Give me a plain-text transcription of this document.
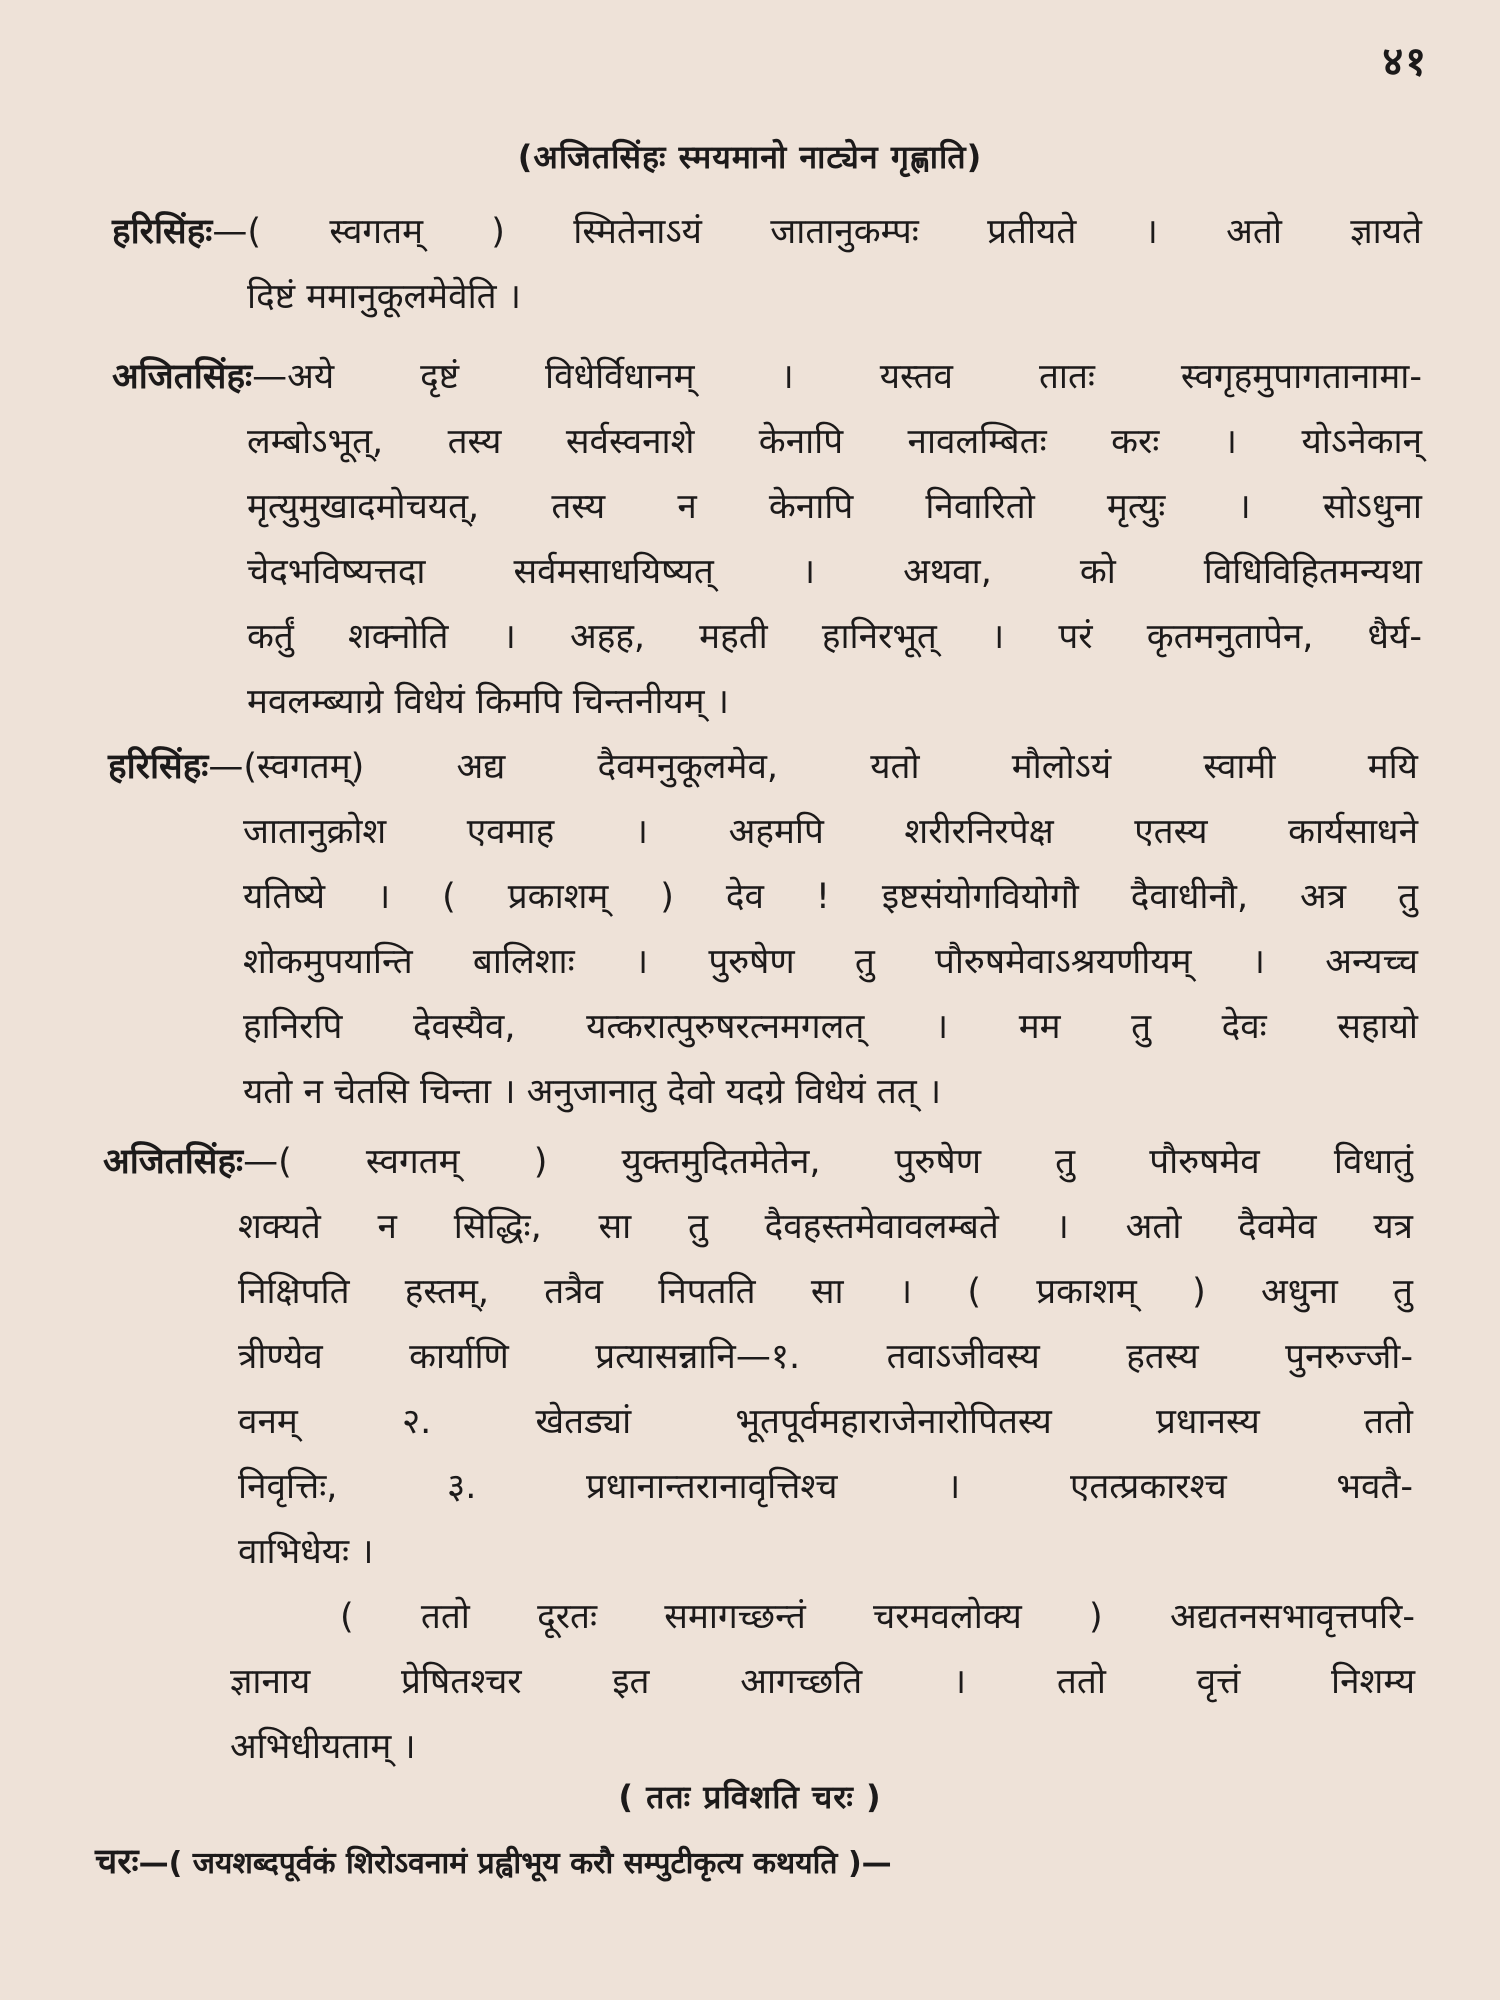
४१
(अजितसिंहः स्मयमानो नाट्येन गृह्णाति)
हरिसिंहः—( स्वगतम् ) स्मितेनाऽयं जातानुकम्पः प्रतीयते । अतो ज्ञायते
दिष्टं ममानुकूलमेवेति ।
अजितसिंहः—अये दृष्टं विधेर्विधानम् । यस्तव तातः स्वगृहमुपागतानामा-
लम्बोऽभूत्, तस्य सर्वस्वनाशे केनापि नावलम्बितः करः । योऽनेकान्
मृत्युमुखादमोचयत्, तस्य न केनापि निवारितो मृत्युः । सोऽधुना
चेदभविष्यत्तदा सर्वमसाधयिष्यत् । अथवा, को विधिविहितमन्यथा
कर्तुं शक्नोति । अहह, महती हानिरभूत् । परं कृतमनुतापेन, धैर्य-
मवलम्ब्याग्रे विधेयं किमपि चिन्तनीयम् ।
हरिसिंहः—(स्वगतम्) अद्य दैवमनुकूलमेव, यतो मौलोऽयं स्वामी मयि
जातानुक्रोश एवमाह । अहमपि शरीरनिरपेक्ष एतस्य कार्यसाधने
यतिष्ये । ( प्रकाशम् ) देव ! इष्टसंयोगवियोगौ दैवाधीनौ, अत्र तु
शोकमुपयान्ति बालिशाः । पुरुषेण तु पौरुषमेवाऽश्रयणीयम् । अन्यच्च
हानिरपि देवस्यैव, यत्करात्पुरुषरत्नमगलत् । मम तु देवः सहायो
यतो न चेतसि चिन्ता । अनुजानातु देवो यदग्रे विधेयं तत् ।
अजितसिंहः—( स्वगतम् ) युक्तमुदितमेतेन, पुरुषेण तु पौरुषमेव विधातुं
शक्यते न सिद्धिः, सा तु दैवहस्तमेवावलम्बते । अतो दैवमेव यत्र
निक्षिपति हस्तम्, तत्रैव निपतति सा । ( प्रकाशम् ) अधुना तु
त्रीण्येव कार्याणि प्रत्यासन्नानि—१. तवाऽजीवस्य हतस्य पुनरुज्जी-
वनम् २. खेतड्यां भूतपूर्वमहाराजेनारोपितस्य प्रधानस्य ततो
निवृत्तिः, ३. प्रधानान्तरानावृत्तिश्च । एतत्प्रकारश्च भवतै-
वाभिधेयः ।
( ततो दूरतः समागच्छन्तं चरमवलोक्य ) अद्यतनसभावृत्तपरि-
ज्ञानाय प्रेषितश्चर इत आगच्छति । ततो वृत्तं निशम्य
अभिधीयताम् ।
( ततः प्रविशति चरः )
चरः—( जयशब्दपूर्वकं शिरोऽवनामं प्रह्वीभूय करौ सम्पुटीकृत्य कथयति )—
